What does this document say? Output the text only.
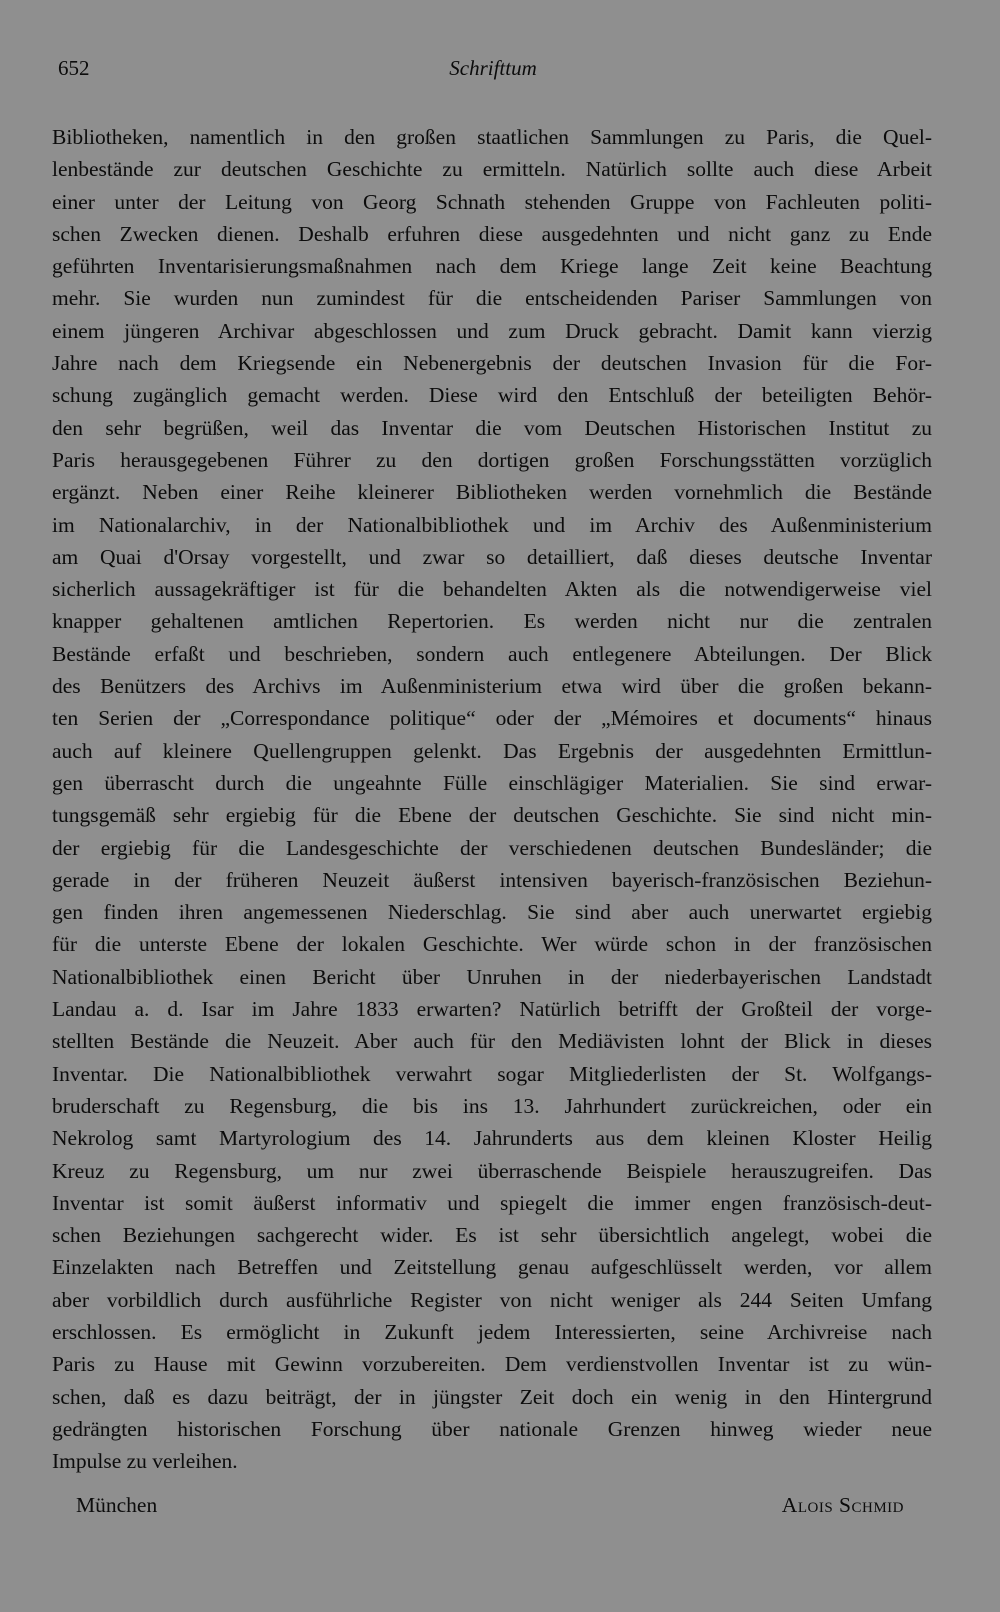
652	Schrifttum
Bibliotheken, namentlich in den großen staatlichen Sammlungen zu Paris, die Quel-
lenbestände zur deutschen Geschichte zu ermitteln. Natürlich sollte auch diese Arbeit
einer unter der Leitung von Georg Schnath stehenden Gruppe von Fachleuten politi-
schen Zwecken dienen. Deshalb erfuhren diese ausgedehnten und nicht ganz zu Ende
geführten Inventarisierungsmaßnahmen nach dem Kriege lange Zeit keine Beachtung
mehr. Sie wurden nun zumindest für die entscheidenden Pariser Sammlungen von
einem jüngeren Archivar abgeschlossen und zum Druck gebracht. Damit kann vierzig
Jahre nach dem Kriegsende ein Nebenergebnis der deutschen Invasion für die For-
schung zugänglich gemacht werden. Diese wird den Entschluß der beteiligten Behör-
den sehr begrüßen, weil das Inventar die vom Deutschen Historischen Institut zu
Paris herausgegebenen Führer zu den dortigen großen Forschungsstätten vorzüglich
ergänzt. Neben einer Reihe kleinerer Bibliotheken werden vornehmlich die Bestände
im Nationalarchiv, in der Nationalbibliothek und im Archiv des Außenministerium
am Quai d'Orsay vorgestellt, und zwar so detailliert, daß dieses deutsche Inventar
sicherlich aussagekräftiger ist für die behandelten Akten als die notwendigerweise viel
knapper gehaltenen amtlichen Repertorien. Es werden nicht nur die zentralen
Bestände erfaßt und beschrieben, sondern auch entlegenere Abteilungen. Der Blick
des Benützers des Archivs im Außenministerium etwa wird über die großen bekann-
ten Serien der „Correspondance politique“ oder der „Mémoires et documents“ hinaus
auch auf kleinere Quellengruppen gelenkt. Das Ergebnis der ausgedehnten Ermittlun-
gen überrascht durch die ungeahnte Fülle einschlägiger Materialien. Sie sind erwar-
tungsgemäß sehr ergiebig für die Ebene der deutschen Geschichte. Sie sind nicht min-
der ergiebig für die Landesgeschichte der verschiedenen deutschen Bundesländer; die
gerade in der früheren Neuzeit äußerst intensiven bayerisch-französischen Beziehun-
gen finden ihren angemessenen Niederschlag. Sie sind aber auch unerwartet ergiebig
für die unterste Ebene der lokalen Geschichte. Wer würde schon in der französischen
Nationalbibliothek einen Bericht über Unruhen in der niederbayerischen Landstadt
Landau a. d. Isar im Jahre 1833 erwarten? Natürlich betrifft der Großteil der vorge-
stellten Bestände die Neuzeit. Aber auch für den Mediävisten lohnt der Blick in dieses
Inventar. Die Nationalbibliothek verwahrt sogar Mitgliederlisten der St. Wolfgangs-
bruderschaft zu Regensburg, die bis ins 13. Jahrhundert zurückreichen, oder ein
Nekrolog samt Martyrologium des 14. Jahrunderts aus dem kleinen Kloster Heilig
Kreuz zu Regensburg, um nur zwei überraschende Beispiele herauszugreifen. Das
Inventar ist somit äußerst informativ und spiegelt die immer engen französisch-deut-
schen Beziehungen sachgerecht wider. Es ist sehr übersichtlich angelegt, wobei die
Einzelakten nach Betreffen und Zeitstellung genau aufgeschlüsselt werden, vor allem
aber vorbildlich durch ausführliche Register von nicht weniger als 244 Seiten Umfang
erschlossen. Es ermöglicht in Zukunft jedem Interessierten, seine Archivreise nach
Paris zu Hause mit Gewinn vorzubereiten. Dem verdienstvollen Inventar ist zu wün-
schen, daß es dazu beiträgt, der in jüngster Zeit doch ein wenig in den Hintergrund
gedrängten historischen Forschung über nationale Grenzen hinweg wieder neue
Impulse zu verleihen.
München	Alois Schmid
